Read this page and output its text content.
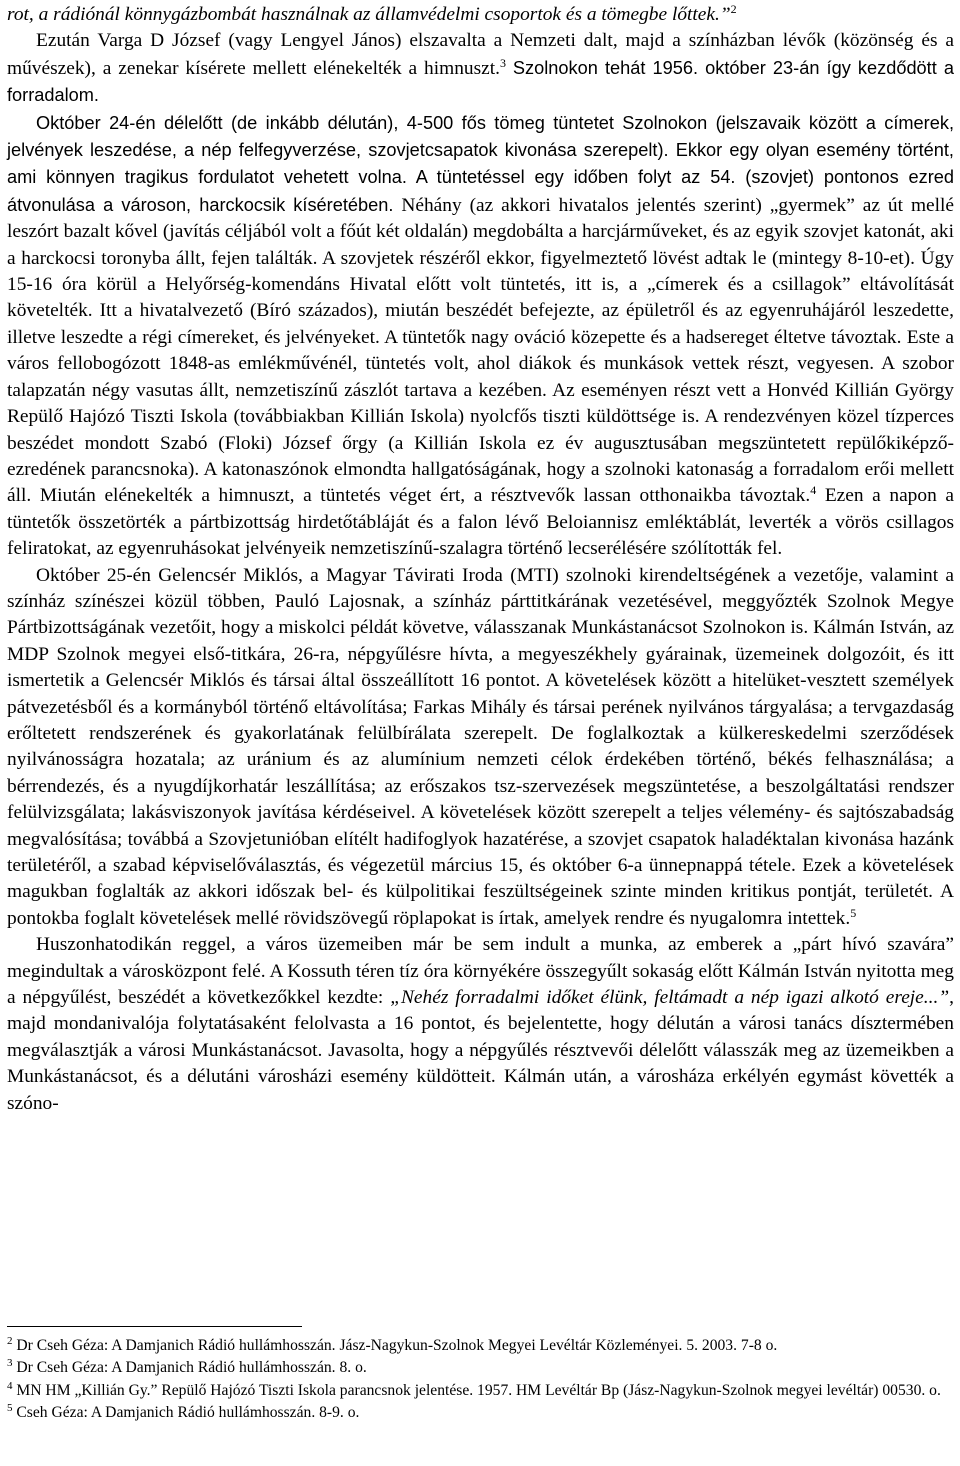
rot, a rádiónál könnygázbombát használnak az államvédelmi csoportok és a tömegbe lőttek.”$^2$

Ezután Varga D József (vagy Lengyel János) elszavalta a Nemzeti dalt, majd a színházban lévők (közönség és a művészek), a zenekar kísérete mellett elénekelték a himnuszt.$^3$ Szolnokon tehát 1956. október 23-án így kezdődött a forradalom.

Október 24-én délelőtt (de inkább délután), 4-500 fős tömeg tüntetet Szolnokon (jelszavaik között a címerek, jelvények leszedése, a nép felfegyverzése, szovjetcsapatok kivonása szerepelt). Ekkor egy olyan esemény történt, ami könnyen tragikus fordulatot vehetett volna. A tüntetéssel egy időben folyt az 54. (szovjet) pontonos ezred átvonulása a városon, harckocsik kíséretében. Néhány (az akkori hivatalos jelentés szerint) „gyermek” az út mellé leszórt bazalt kővel (javítás céljából volt a főút két oldalán) megdobálta a harcjárműveket, és az egyik szovjet katonát, aki a harckocsi toronyba állt, fejen találták. A szovjetek részéről ekkor, figyelmeztető lövést adtak le (mintegy 8-10-et). Úgy 15-16 óra körül a Helyőrség-komendáns Hivatal előtt volt tüntetés, itt is, a „címerek és a csillagok” eltávolítását követelték. Itt a hivatalvezető (Bíró százados), miután beszédét befejezte, az épületről és az egyenruhájáról leszedette, illetve leszedte a régi címereket, és jelvényeket. A tüntetők nagy ováció közepette és a hadsereget éltetve távoztak. Este a város fellobogózott 1848-as emlékművénél, tüntetés volt, ahol diákok és munkások vettek részt, vegyesen. A szobor talapzatán négy vasutas állt, nemzetiszínű zászlót tartava a kezében. Az eseményen részt vett a Honvéd Killián György Repülő Hajózó Tiszti Iskola (továbbiakban Killián Iskola) nyolcfős tiszti küldöttsége is. A rendezvényen közel tízperces beszédet mondott Szabó (Floki) József őrgy (a Killián Iskola ez év augusztusában megszüntetett repülőkiképző-ezredének parancsnoka). A katonaszónok elmondta hallgatóságának, hogy a szolnoki katonaság a forradalom erői mellett áll. Miután elénekelték a himnuszt, a tüntetés véget ért, a résztvevők lassan otthonaikba távoztak.$^4$ Ezen a napon a tüntetők összetörték a pártbizottság hirdetőtábláját és a falon lévő Beloiannisz emléktáblát, leverték a vörös csillagos feliratokat, az egyenruhásokat jelvényeik nemzetiszínű-szalagra történő lecserélésére szólították fel.

Október 25-én Gelencsér Miklós, a Magyar Távirati Iroda (MTI) szolnoki kirendeltségének a vezetője, valamint a színház színészei közül többen, Pauló Lajosnak, a színház párttitkárának vezetésével, meggyőzték Szolnok Megye Pártbizottságának vezetőit, hogy a miskolci példát követve, válasszanak Munkástanácsot Szolnokon is. Kálmán István, az MDP Szolnok megyei első-titkára, 26-ra, népgyűlésre hívta, a megyeszékhely gyárainak, üzemeinek dolgozóit, és itt ismertetik a Gelencsér Miklós és társai által összeállított 16 pontot. A követelések között a hitelüket-vesztett személyek pátvezetésből és a kormányból történő eltávolítása; Farkas Mihály és társai perének nyilvános tárgyalása; a tervgazdaság erőltetett rendszerének és gyakorlatának felülbírálata szerepelt. De foglalkoztak a külkereskedelmi szerződések nyilvánosságra hozatala; az uránium és az alumínium nemzeti célok érdekében történő, békés felhasználása; a bérrendezés, és a nyugdíjkorhatár leszállítása; az erőszakos tsz-szervezések megszüntetése, a beszolgáltatási rendszer felülvizsgálata; lakásviszonyok javítása kérdéseivel. A követelések között szerepelt a teljes vélemény- és sajtószabadság megvalósítása; továbbá a Szovjetunióban elítélt hadifoglyok hazatérése, a szovjet csapatok haladéktalan kivonása hazánk területéről, a szabad képviselőválasztás, és végezetül március 15, és október 6-a ünnepnappá tétele. Ezek a követelések magukban foglalták az akkori időszak bel- és külpolitikai feszültségeinek szinte minden kritikus pontját, területét. A pontokba foglalt követelések mellé rövidszövegű röplapokat is írtak, amelyek rendre és nyugalomra intettek.$^5$

Huszonhatodikán reggel, a város üzemeiben már be sem indult a munka, az emberek a „párt hívó szavára” megindultak a városközpont felé. A Kossuth téren tíz óra környékére összegyűlt sokaság előtt Kálmán István nyitotta meg a népgyűlést, beszédét a következőkkel kezdte: „Nehéz forradalmi időket élünk, feltámadt a nép igazi alkotó ereje...”, majd mondanivalója folytatásaként felolvasta a 16 pontot, és bejelentette, hogy délután a városi tanács dísztermében megválasztják a városi Munkástanácsot. Javasolta, hogy a népgyűlés résztvevői délelőtt válasszák meg az üzemeikben a Munkástanácsot, és a délutáni városházi esemény küldötteit. Kálmán után, a városháza erkélyén egymást követték a szóno-

$^2$ Dr Cseh Géza: A Damjanich Rádió hullámhosszán. Jász-Nagykun-Szolnok Megyei Levéltár Közleményei. 5. 2003. 7-8 o.

$^3$ Dr Cseh Géza: A Damjanich Rádió hullámhosszán. 8. o.

$^4$ MN HM „Killián Gy.” Repülő Hajózó Tiszti Iskola parancsnok jelentése. 1957. HM Levéltár Bp (Jász-Nagykun-Szolnok megyei levéltár) 00530. o.

$^5$ Cseh Géza: A Damjanich Rádió hullámhosszán. 8-9. o.
